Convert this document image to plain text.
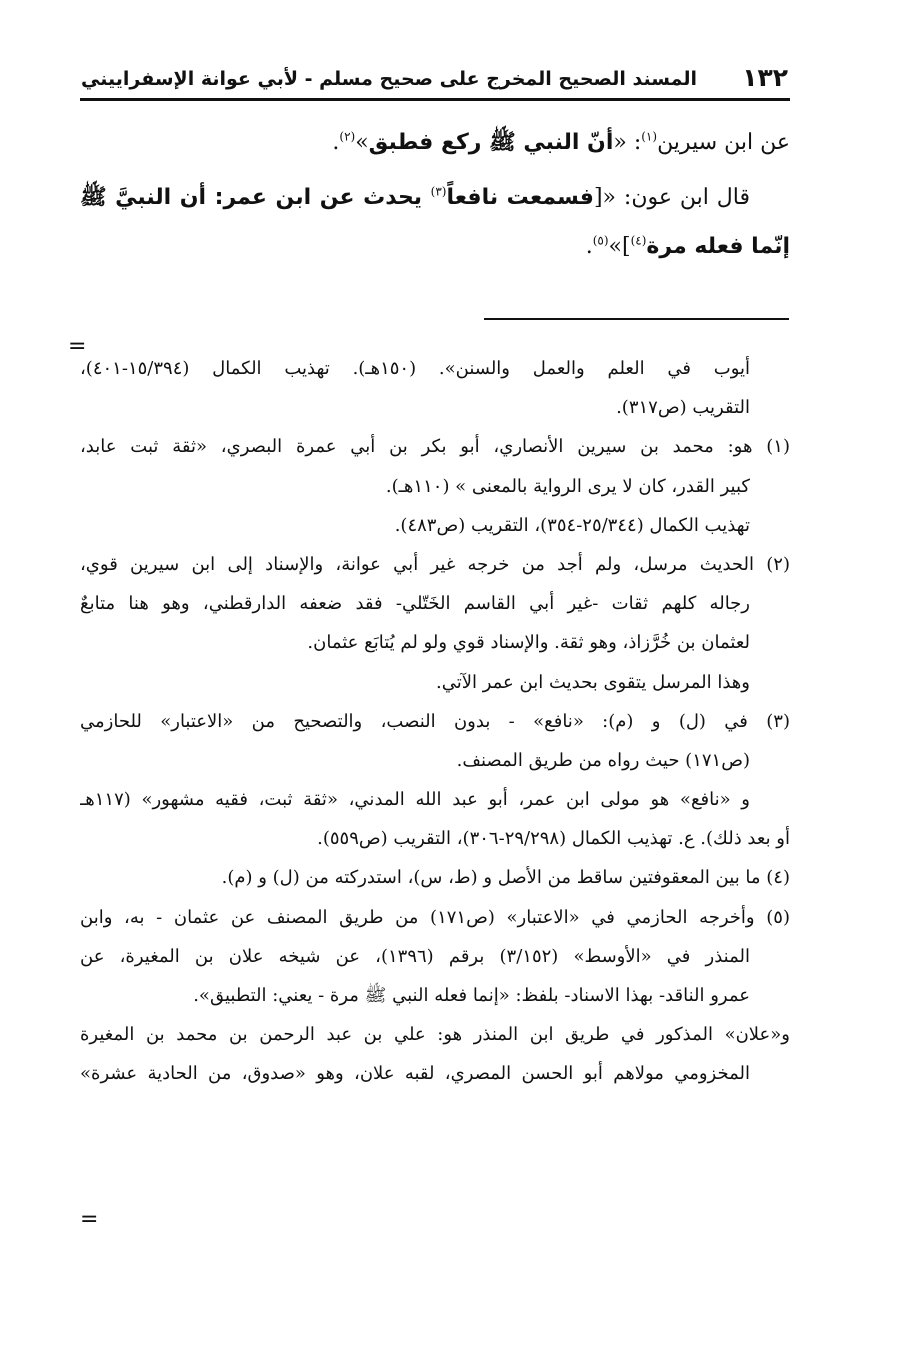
١٣٢
المسند الصحيح المخرج على صحيح مسلم - لأبي عوانة الإسفراييني

عن ابن سيرين$^{(١)}$: «أنّ النبي ﷺ ركع فطبق»$^{(٢)}$.

قال ابن عون: «[فسمعت نافعاً$^{(٣)}$ يحدث عن ابن عمر: أن النبيَّ ﷺ إنّما فعله مرة$^{(٤)}$]»$^{(٥)}$.

=
أيوب في العلم والعمل والسنن». (١٥٠هـ). تهذيب الكمال (١٥/٣٩٤-٤٠١)،
التقريب (ص٣١٧).
(١) هو: محمد بن سيرين الأنصاري، أبو بكر بن أبي عمرة البصري، «ثقة ثبت عابد،
كبير القدر، كان لا يرى الرواية بالمعنى » (١١٠هـ).
تهذيب الكمال (٢٥/٣٤٤-٣٥٤)، التقريب (ص٤٨٣).
(٢) الحديث مرسل، ولم أجد من خرجه غير أبي عوانة، والإسناد إلى ابن سيرين قوي،
رجاله كلهم ثقات -غير أبي القاسم الخَتّلي- فقد ضعفه الدارقطني، وهو هنا متابعٌ
لعثمان بن خُرَّزاذ، وهو ثقة. والإسناد قوي ولو لم يُتابَع عثمان.
وهذا المرسل يتقوى بحديث ابن عمر الآتي.
(٣) في (ل) و (م): «نافع» - بدون النصب، والتصحيح من «الاعتبار» للحازمي
(ص١٧١) حيث رواه من طريق المصنف.
و «نافع» هو مولى ابن عمر، أبو عبد الله المدني، «ثقة ثبت، فقيه مشهور» (١١٧هـ
أو بعد ذلك). ع. تهذيب الكمال (٢٩/٢٩٨-٣٠٦)، التقريب (ص٥٥٩).
(٤) ما بين المعقوفتين ساقط من الأصل و (ط، س)، استدركته من (ل) و (م).
(٥) وأخرجه الحازمي في «الاعتبار» (ص١٧١) من طريق المصنف عن عثمان - به، وابن
المنذر في «الأوسط» (٣/١٥٢) برقم (١٣٩٦)، عن شيخه علان بن المغيرة، عن
عمرو الناقد- بهذا الاسناد- بلفظ: «إنما فعله النبي ﷺ مرة - يعني: التطبيق».
و«علان» المذكور في طريق ابن المنذر هو: علي بن عبد الرحمن بن محمد بن المغيرة
المخزومي مولاهم أبو الحسن المصري، لقبه علان، وهو «صدوق، من الحادية عشرة»
=
